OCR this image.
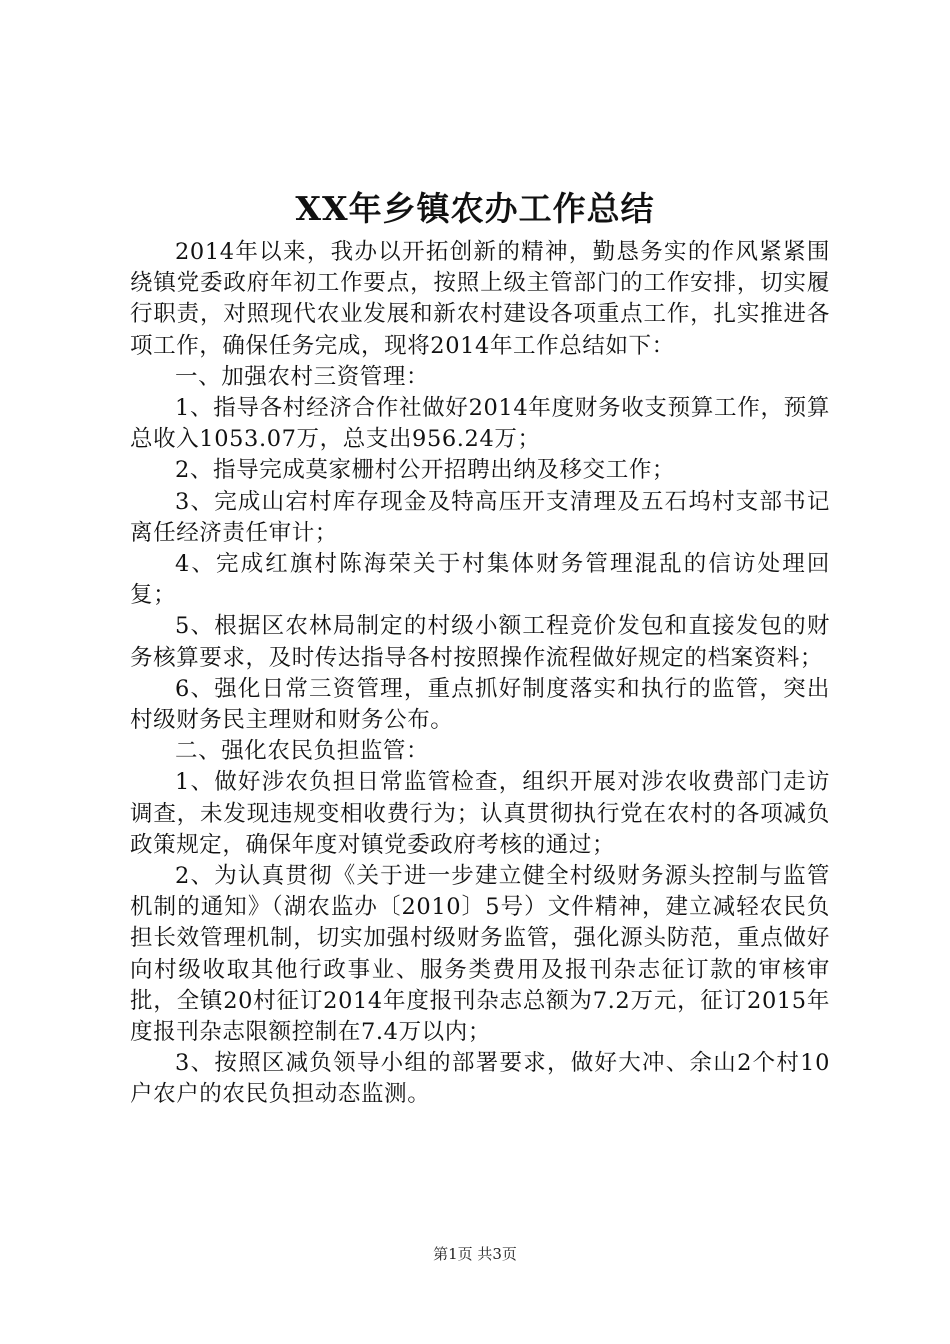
XX年乡镇农办工作总结

2014年以来，我办以开拓创新的精神，勤恳务实的作风紧紧围绕镇党委政府年初工作要点，按照上级主管部门的工作安排，切实履行职责，对照现代农业发展和新农村建设各项重点工作，扎实推进各项工作，确保任务完成，现将2014年工作总结如下：

一、加强农村三资管理：

1、指导各村经济合作社做好2014年度财务收支预算工作，预算总收入1053.07万，总支出956.24万；

2、指导完成莫家栅村公开招聘出纳及移交工作；

3、完成山宕村库存现金及特高压开支清理及五石坞村支部书记离任经济责任审计；

4、完成红旗村陈海荣关于村集体财务管理混乱的信访处理回复；

5、根据区农林局制定的村级小额工程竞价发包和直接发包的财务核算要求，及时传达指导各村按照操作流程做好规定的档案资料；

6、强化日常三资管理，重点抓好制度落实和执行的监管，突出村级财务民主理财和财务公布。

二、强化农民负担监管：

1、做好涉农负担日常监管检查，组织开展对涉农收费部门走访调查，未发现违规变相收费行为；认真贯彻执行党在农村的各项减负政策规定，确保年度对镇党委政府考核的通过；

2、为认真贯彻《关于进一步建立健全村级财务源头控制与监管机制的通知》（湖农监办〔2010〕5号）文件精神，建立减轻农民负担长效管理机制，切实加强村级财务监管，强化源头防范，重点做好向村级收取其他行政事业、服务类费用及报刊杂志征订款的审核审批，全镇20村征订2014年度报刊杂志总额为7.2万元，征订2015年度报刊杂志限额控制在7.4万以内；

3、按照区减负领导小组的部署要求，做好大冲、余山2个村10户农户的农民负担动态监测。

第1页 共3页
